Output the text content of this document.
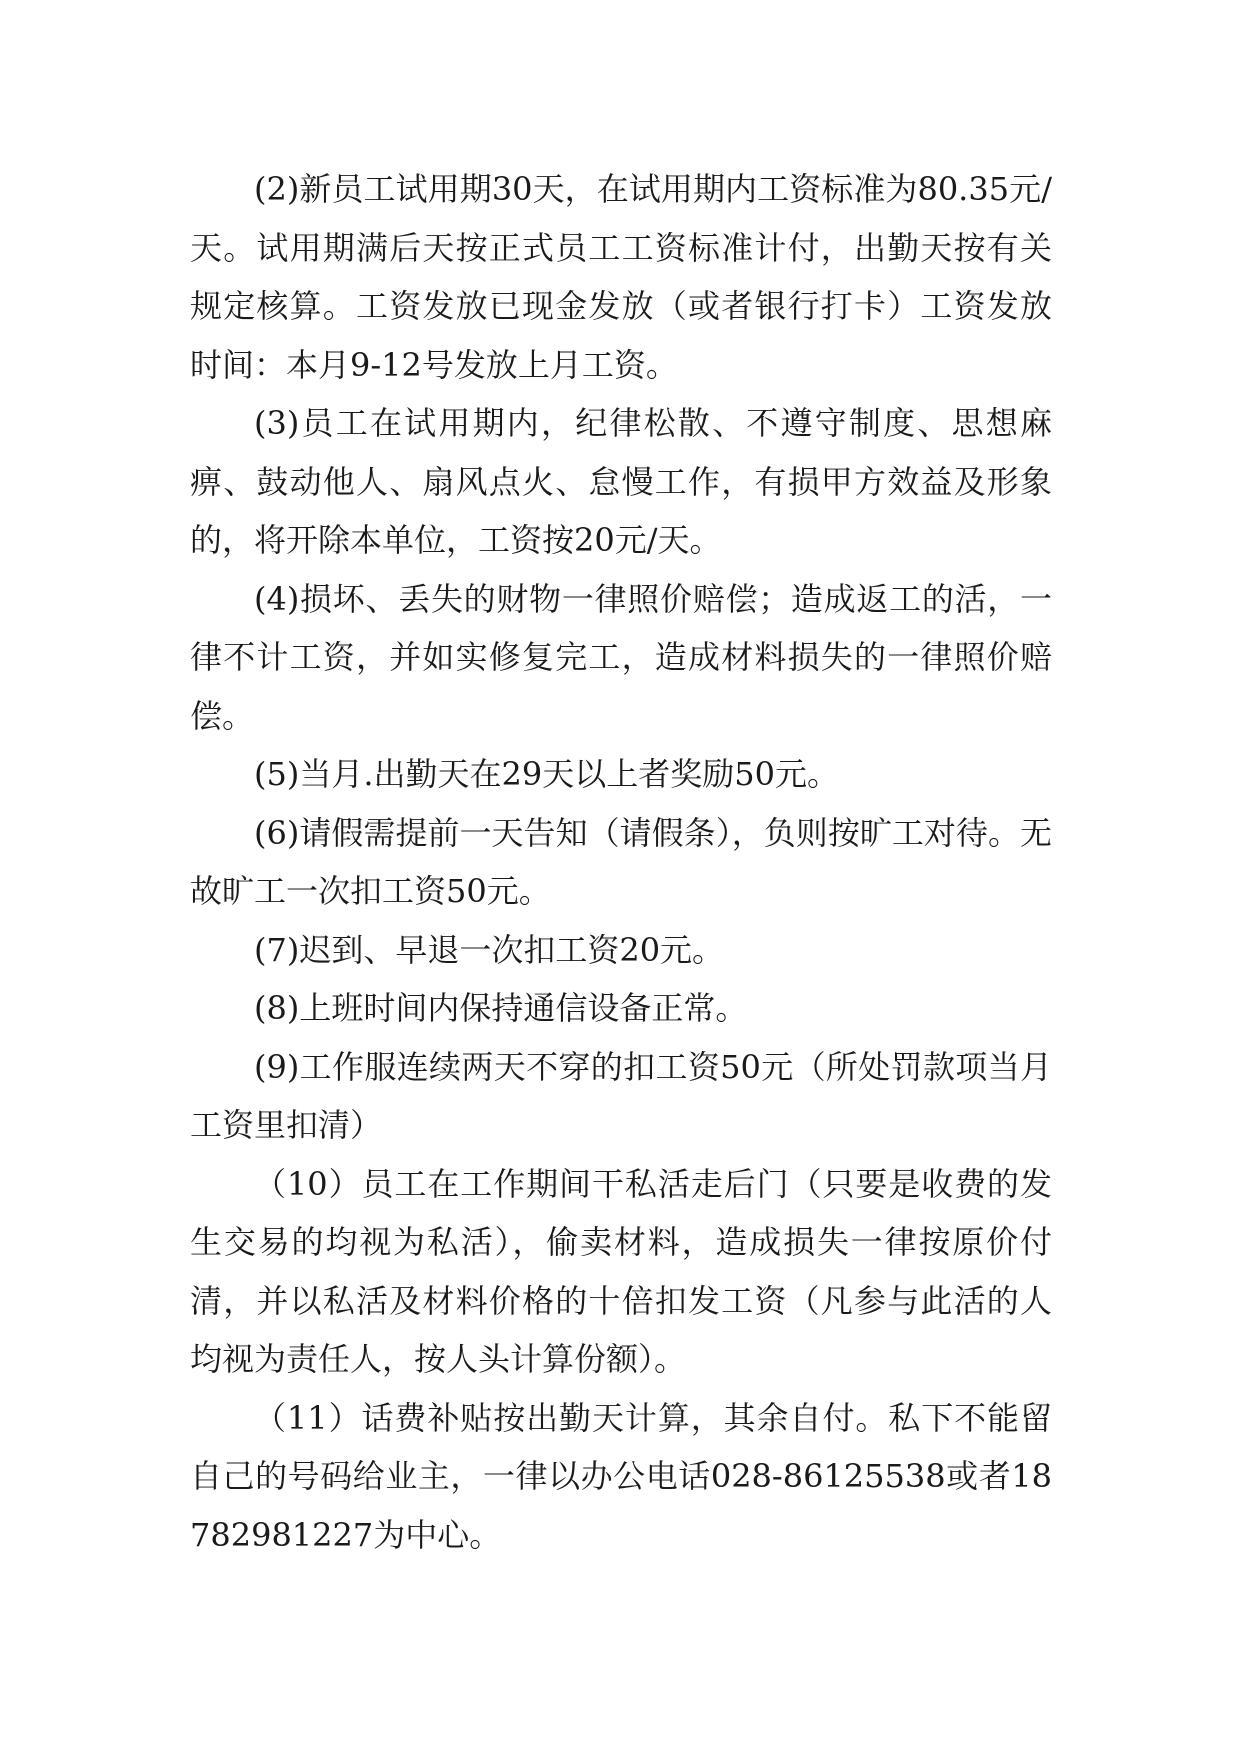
(2)新员工试用期30天，在试用期内工资标准为80.35元/天。试用期满后天按正式员工工资标准计付，出勤天按有关规定核算。工资发放已现金发放（或者银行打卡）工资发放时间：本月9-12号发放上月工资。

(3)员工在试用期内，纪律松散、不遵守制度、思想麻痹、鼓动他人、扇风点火、怠慢工作，有损甲方效益及形象的，将开除本单位，工资按20元/天。

(4)损坏、丢失的财物一律照价赔偿；造成返工的活，一律不计工资，并如实修复完工，造成材料损失的一律照价赔偿。

(5)当月.出勤天在29天以上者奖励50元。

(6)请假需提前一天告知（请假条），负则按旷工对待。无故旷工一次扣工资50元。

(7)迟到、早退一次扣工资20元。

(8)上班时间内保持通信设备正常。

(9)工作服连续两天不穿的扣工资50元（所处罚款项当月工资里扣清）

（10）员工在工作期间干私活走后门（只要是收费的发生交易的均视为私活），偷卖材料，造成损失一律按原价付清，并以私活及材料价格的十倍扣发工资（凡参与此活的人均视为责任人，按人头计算份额）。

（11）话费补贴按出勤天计算，其余自付。私下不能留自己的号码给业主，一律以办公电话028-86125538或者18782981227为中心。
